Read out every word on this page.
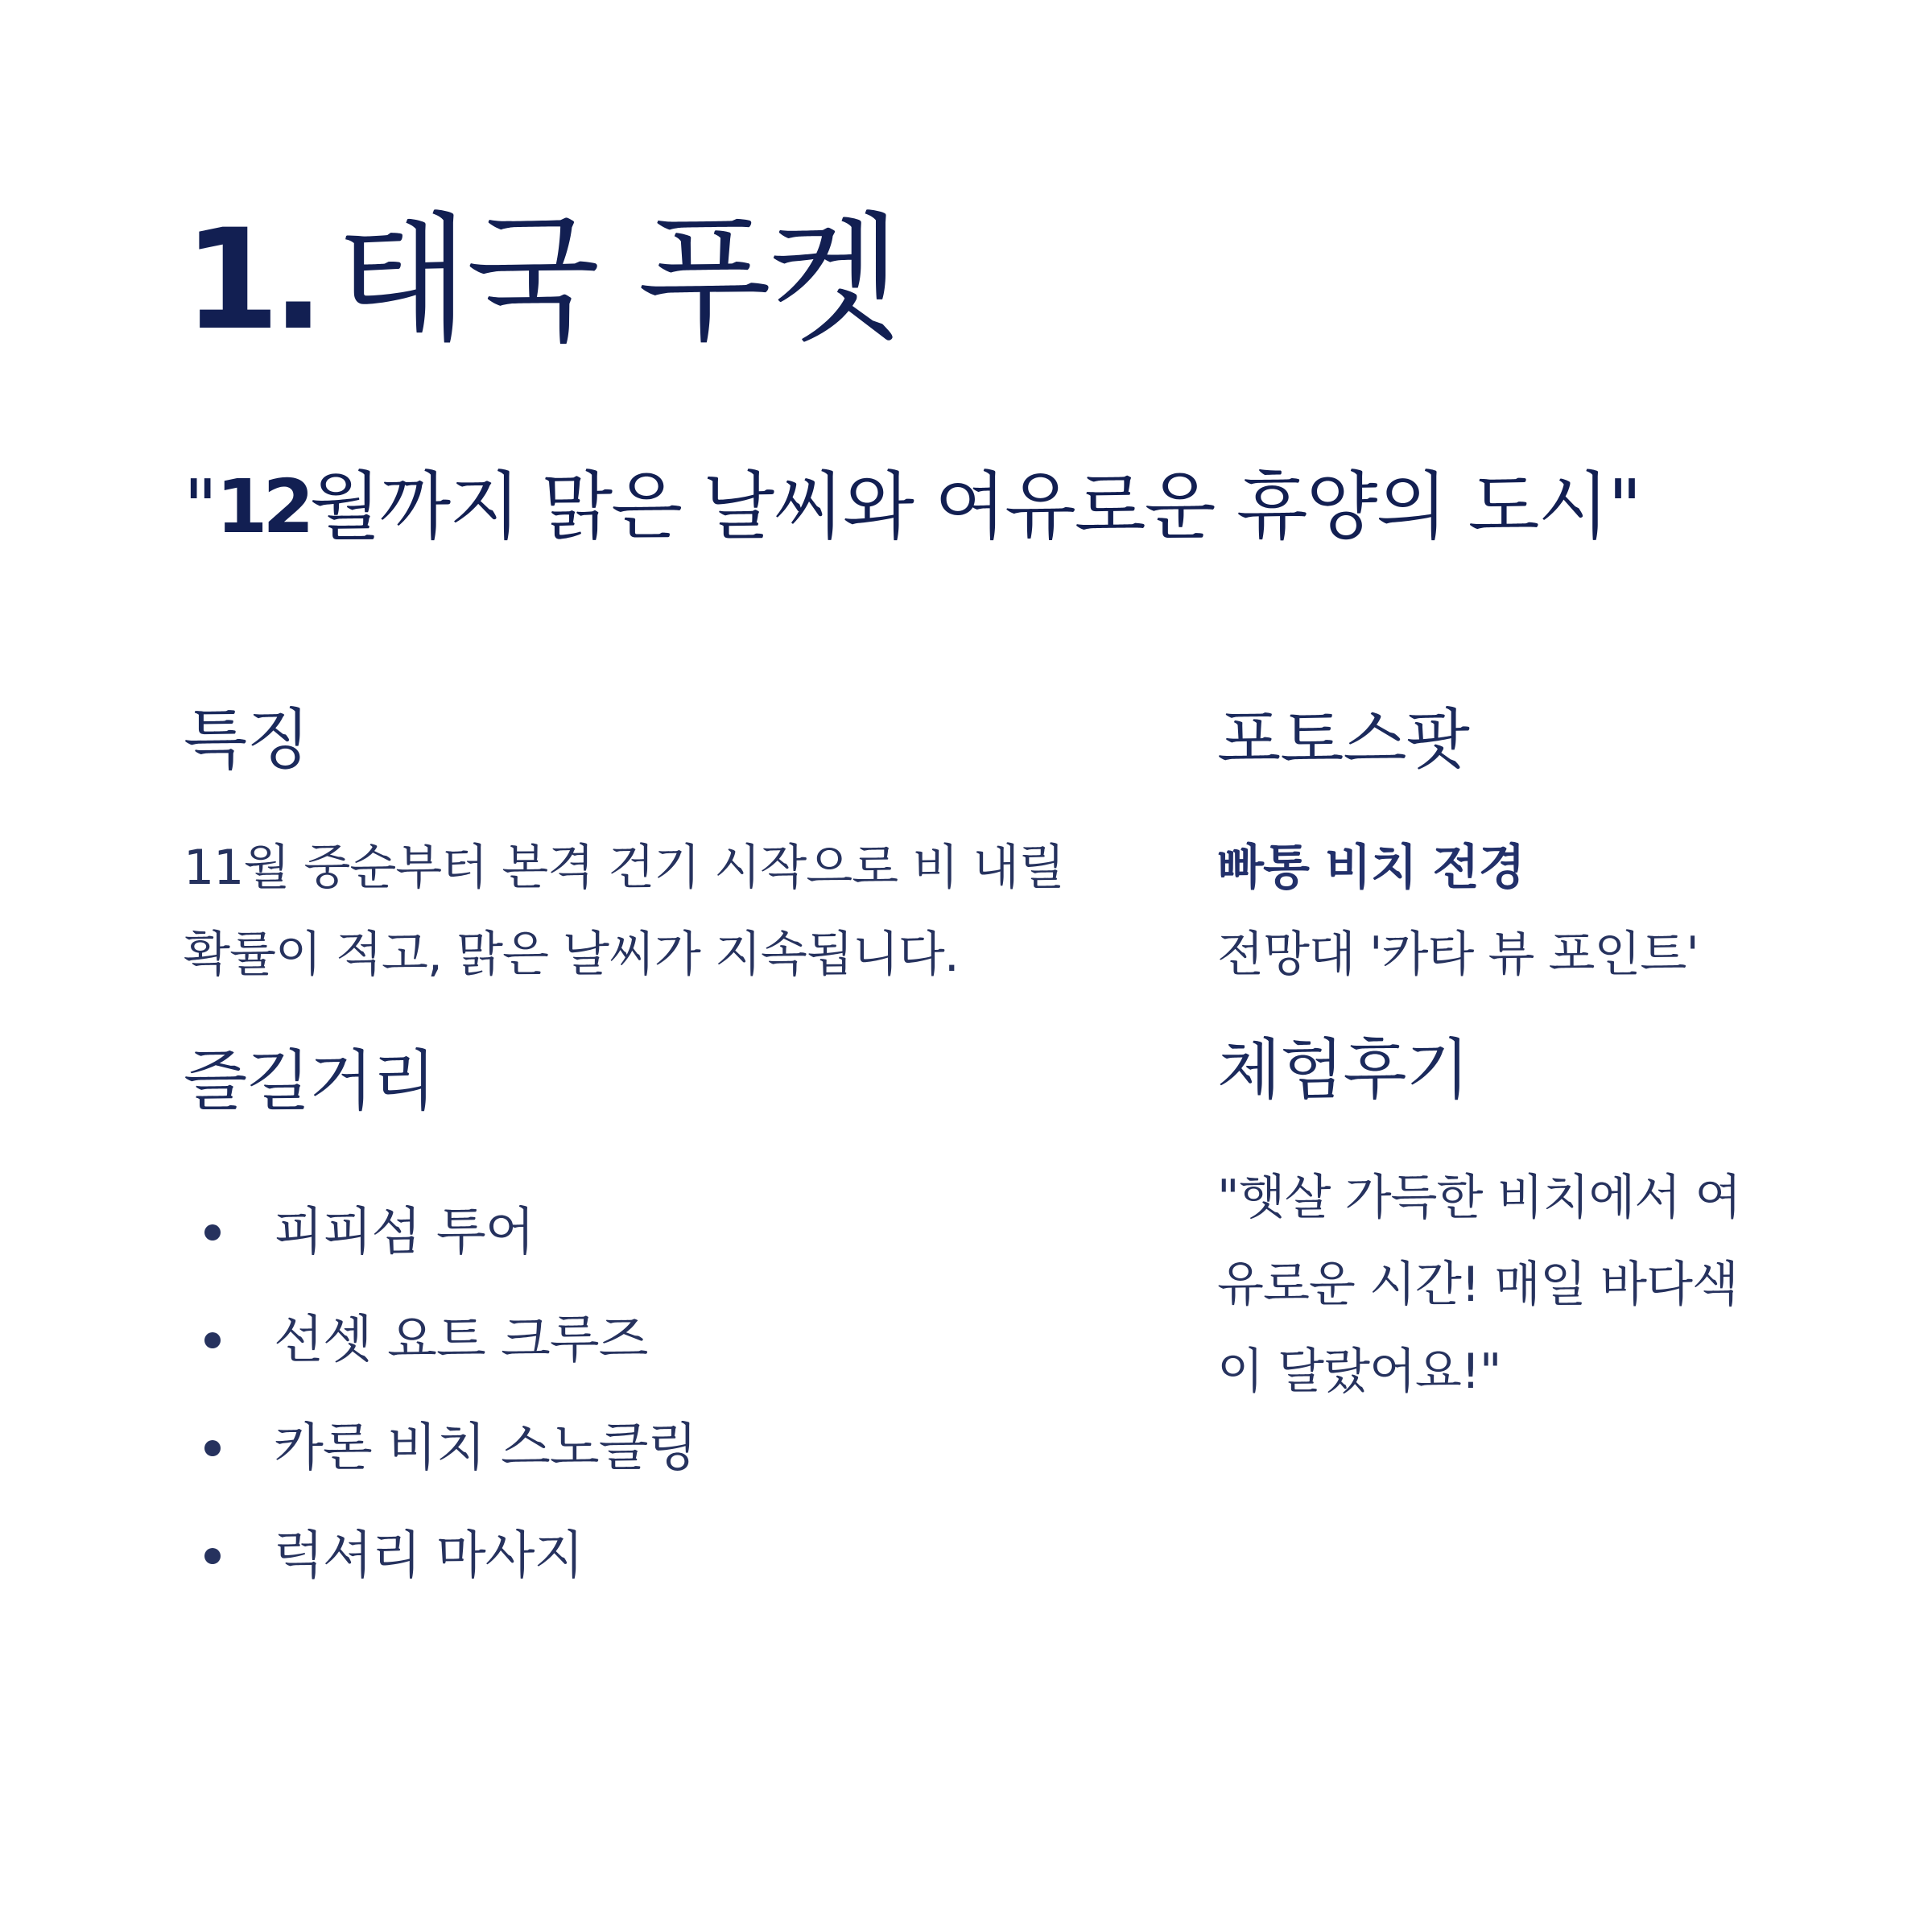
1. 태국 푸켓
"12월까지 맑은 날씨와 여유로운 휴양의 도시"
특징

11월 중순부터 본격 건기 시작으로 비 내릴 확률이 적고, 맑은 날씨가 지속됩니다.

즐길거리
피피섬 투어
선셋 요트 크루즈
카론 비치 스노클링
럭셔리 마사지
포토스팟

빠통 비치 전경

전망대 '카타 뷰 포인트'

체험후기

"햇살 가득한 비치에서 여유로운 시간! 매일 바다색이 달랐어요!"
